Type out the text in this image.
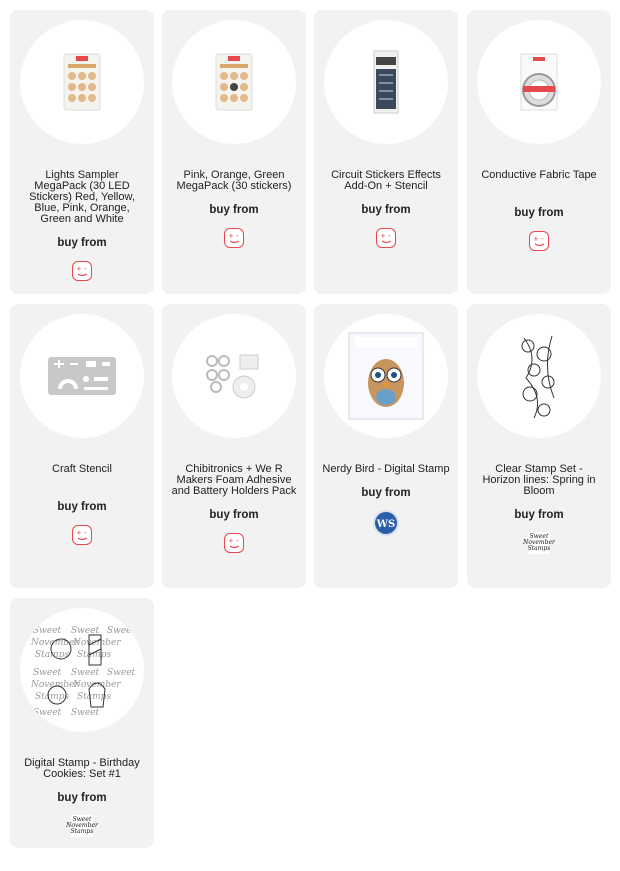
Lights Sampler MegaPack (30 LED Stickers) Red, Yellow, Blue, Pink, Orange, Green and White
buy from
+ -
Pink, Orange, Green MegaPack (30 stickers)
buy from
+ -
Circuit Stickers Effects Add-On + Stencil
buy from
+ -
Conductive Fabric Tape
buy from
+ -
Craft Stencil
buy from
+ -
Chibitronics + We R Makers Foam Adhesive and Battery Holders Pack
buy from
+ -
Nerdy Bird - Digital Stamp
buy from
WS
Clear Stamp Set - Horizon lines: Spring in Bloom
buy from
Sweet November Stamps
Sweet Sweet Sweet
November
November
Stamps Stamps
Sweet Sweet Sweet
November
November
Stamps Stamps
Sweet Sweet
Digital Stamp - Birthday Cookies: Set #1
buy from
Sweet November Stamps
